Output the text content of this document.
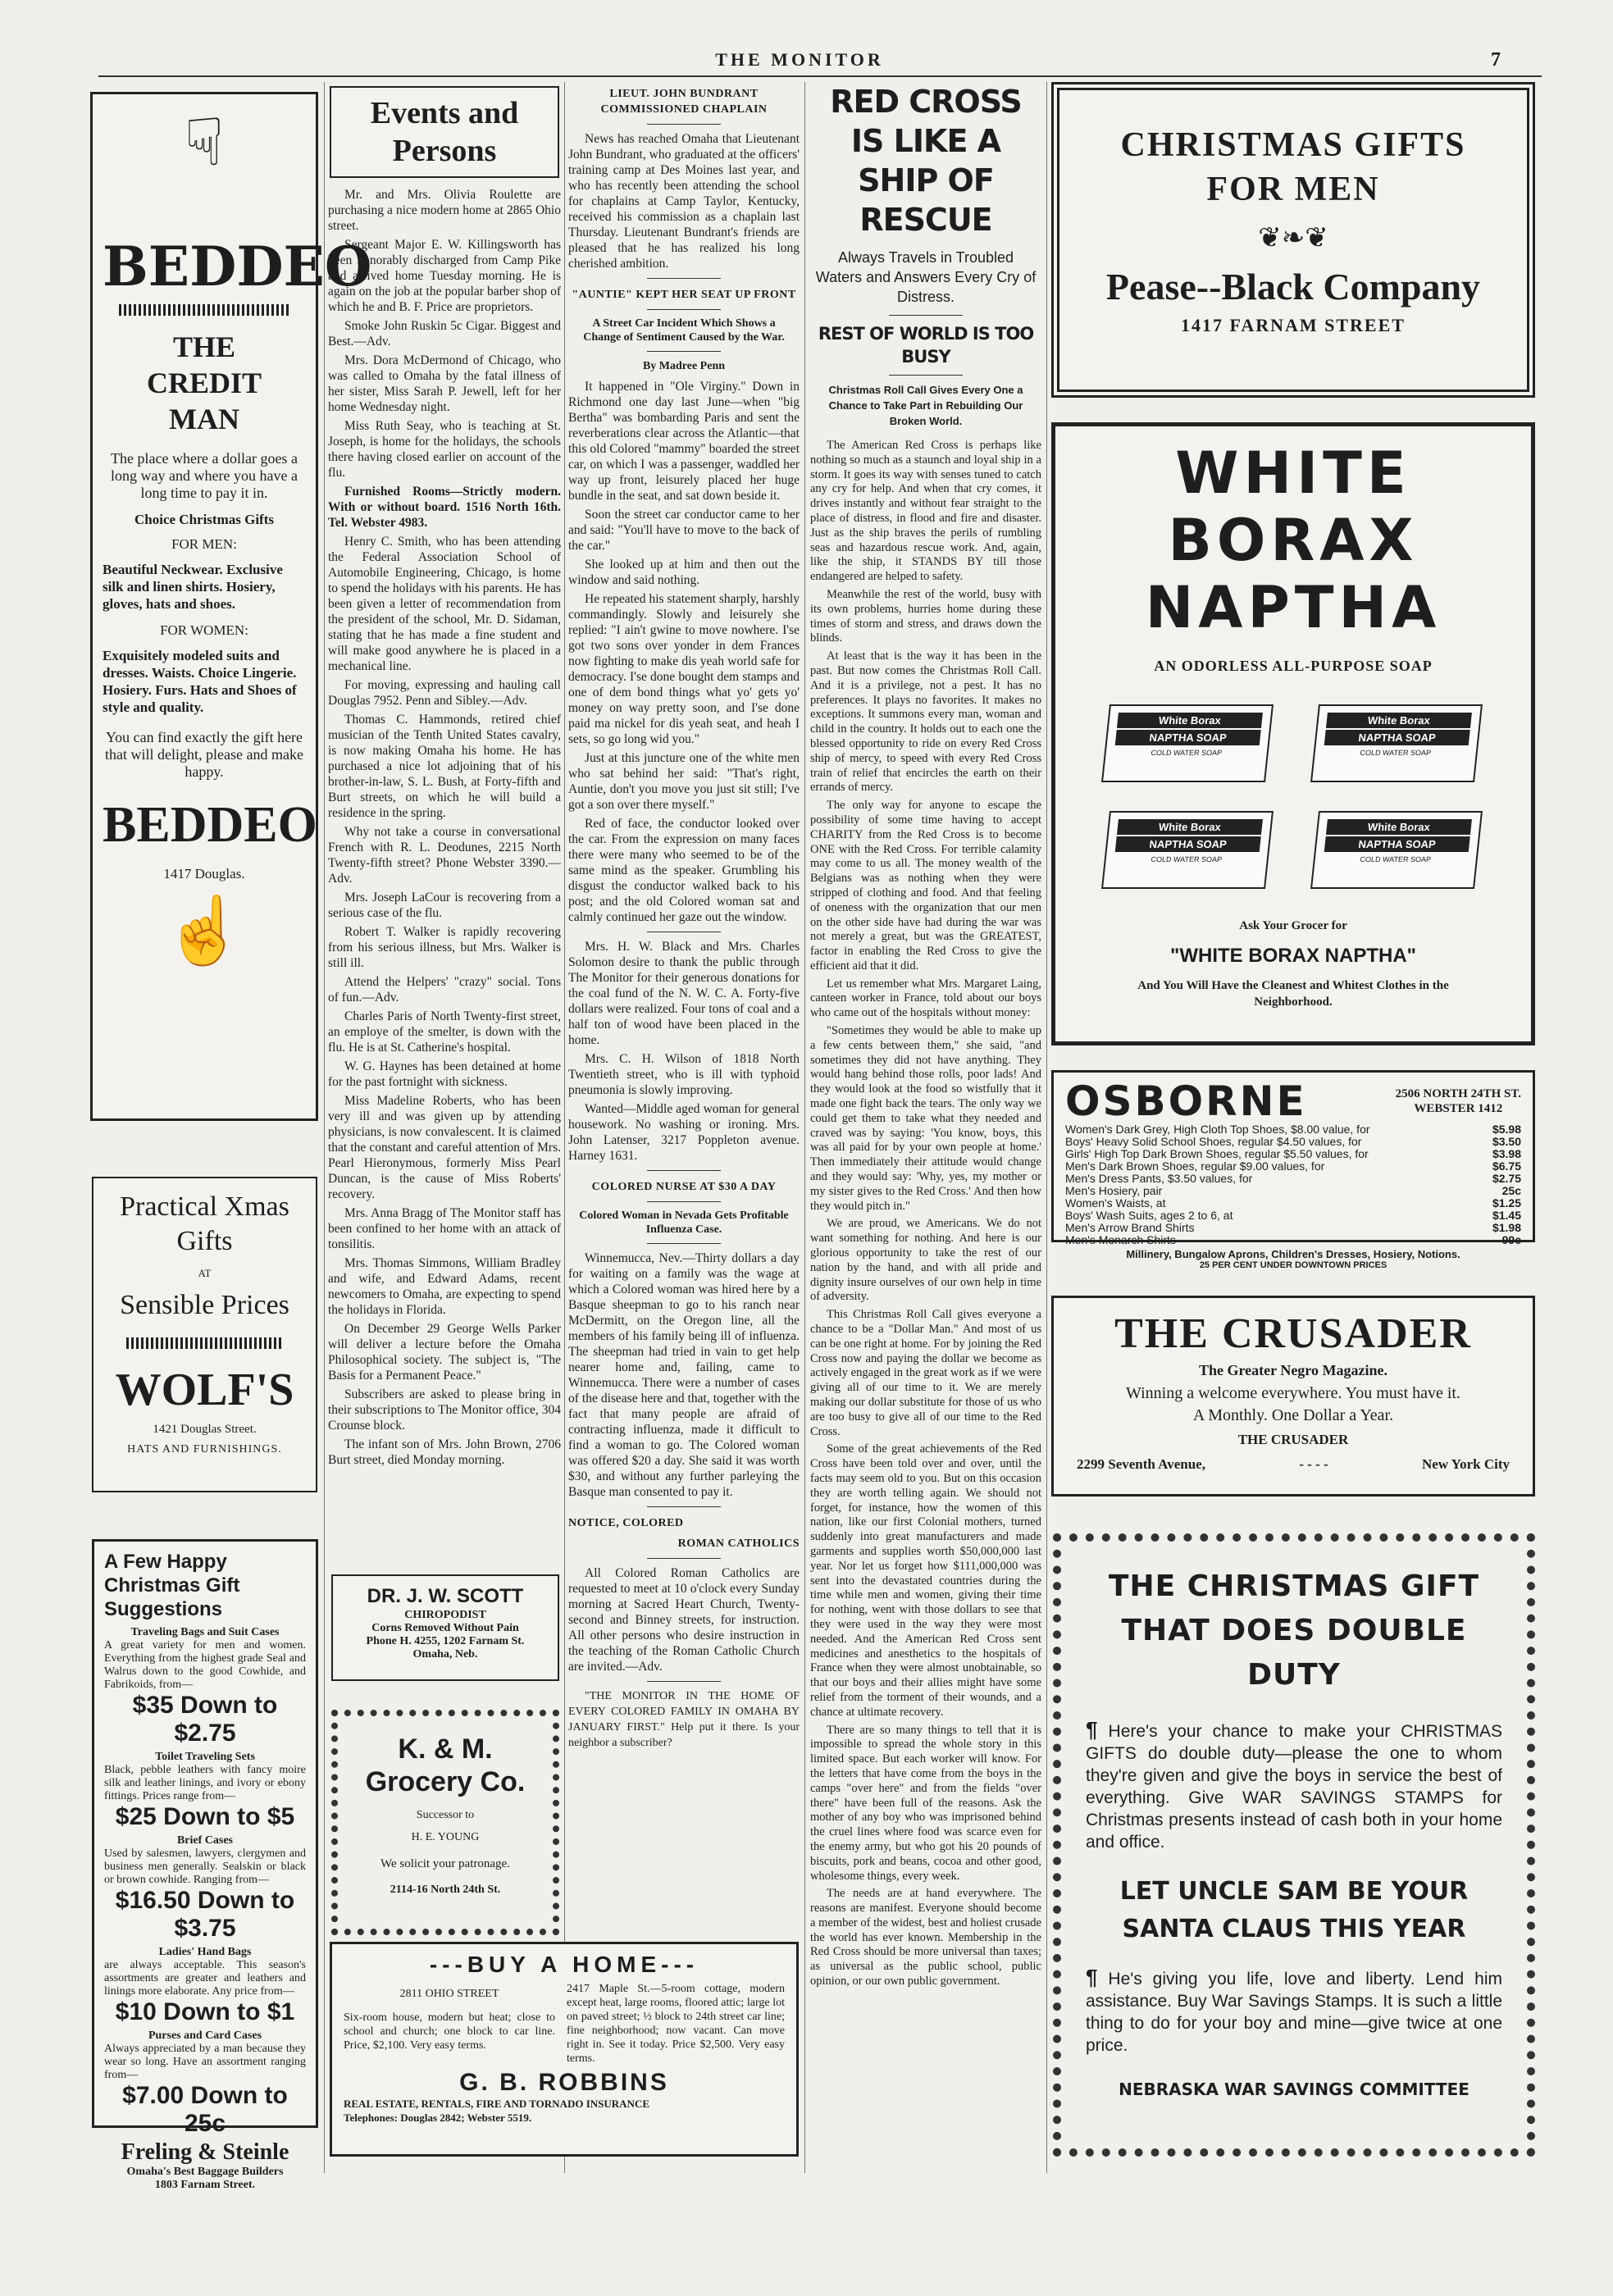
THE MONITOR	7
☟
BEDDEO
THE CREDIT MAN
The place where a dollar goes a long way and where you have a long time to pay it in.
Choice Christmas Gifts
FOR MEN:
Beautiful Neckwear. Exclusive silk and linen shirts. Hosiery, gloves, hats and shoes.
FOR WOMEN:
Exquisitely modeled suits and dresses. Waists. Choice Lingerie. Hosiery. Furs. Hats and Shoes of style and quality.
You can find exactly the gift here that will delight, please and make happy.
BEDDEO
1417 Douglas.
☝
Practical Xmas
Gifts
AT
Sensible Prices
WOLF'S
1421 Douglas Street.
HATS AND FURNISHINGS.
A Few Happy Christmas Gift Suggestions
Traveling Bags and Suit Cases
A great variety for men and women. Everything from the highest grade Seal and Walrus down to the good Cowhide, and Fabrikoids, from—
$35 Down to $2.75
Toilet Traveling Sets
Black, pebble leathers with fancy moire silk and leather linings, and ivory or ebony fittings. Prices range from—
$25 Down to $5
Brief Cases
Used by salesmen, lawyers, clergymen and business men generally. Sealskin or black or brown cowhide. Ranging from—
$16.50 Down to $3.75
Ladies' Hand Bags
are always acceptable. This season's assortments are greater and leathers and linings more elaborate. Any price from—
$10 Down to $1
Purses and Card Cases
Always appreciated by a man because they wear so long. Have an assortment ranging from—
$7.00 Down to 25c
Freling & Steinle
Omaha's Best Baggage Builders
1803 Farnam Street.
Events and Persons

Mr. and Mrs. Olivia Roulette are purchasing a nice modern home at 2865 Ohio street.

Sergeant Major E. W. Killingsworth has been honorably discharged from Camp Pike and arrived home Tuesday morning. He is again on the job at the popular barber shop of which he and B. F. Price are proprietors.

Smoke John Ruskin 5c Cigar. Biggest and Best.—Adv.

Mrs. Dora McDermond of Chicago, who was called to Omaha by the fatal illness of her sister, Miss Sarah P. Jewell, left for her home Wednesday night.

Miss Ruth Seay, who is teaching at St. Joseph, is home for the holidays, the schools there having closed earlier on account of the flu.

Furnished Rooms—Strictly modern. With or without board. 1516 North 16th. Tel. Webster 4983.

Henry C. Smith, who has been attending the Federal Association School of Automobile Engineering, Chicago, is home to spend the holidays with his parents. He has been given a letter of recommendation from the president of the school, Mr. D. Sidaman, stating that he has made a fine student and will make good anywhere he is placed in a mechanical line.

For moving, expressing and hauling call Douglas 7952. Penn and Sibley.—Adv.

Thomas C. Hammonds, retired chief musician of the Tenth United States cavalry, is now making Omaha his home. He has purchased a nice lot adjoining that of his brother-in-law, S. L. Bush, at Forty-fifth and Burt streets, on which he will build a residence in the spring.

Why not take a course in conversational French with R. L. Deodunes, 2215 North Twenty-fifth street? Phone Webster 3390.—Adv.

Mrs. Joseph LaCour is recovering from a serious case of the flu.

Robert T. Walker is rapidly recovering from his serious illness, but Mrs. Walker is still ill.

Attend the Helpers' "crazy" social. Tons of fun.—Adv.

Charles Paris of North Twenty-first street, an employe of the smelter, is down with the flu. He is at St. Catherine's hospital.

W. G. Haynes has been detained at home for the past fortnight with sickness.

Miss Madeline Roberts, who has been very ill and was given up by attending physicians, is now convalescent. It is claimed that the constant and careful attention of Mrs. Pearl Hieronymous, formerly Miss Pearl Duncan, is the cause of Miss Roberts' recovery.

Mrs. Anna Bragg of The Monitor staff has been confined to her home with an attack of tonsilitis.

Mrs. Thomas Simmons, William Bradley and wife, and Edward Adams, recent newcomers to Omaha, are expecting to spend the holidays in Florida.

On December 29 George Wells Parker will deliver a lecture before the Omaha Philosophical society. The subject is, "The Basis for a Permanent Peace."

Subscribers are asked to please bring in their subscriptions to The Monitor office, 304 Crounse block.

The infant son of Mrs. John Brown, 2706 Burt street, died Monday morning.

DR. J. W. SCOTT
CHIROPODIST
Corns Removed Without Pain
Phone H. 4255, 1202 Farnam St.
Omaha, Neb.
K. & M.
Grocery Co.
Successor to
H. E. YOUNG
We solicit your patronage.
2114-16 North 24th St.
---BUY A HOME---
2811 OHIO STREET
Six-room house, modern but heat; close to school and church; one block to car line. Price, $2,100. Very easy terms.
2417 Maple St.—5-room cottage, modern except heat, large rooms, floored attic; large lot on paved street; ½ block to 24th street car line; fine neighborhood; now vacant. Can move right in. See it today. Price $2,500. Very easy terms.
G. B. ROBBINS
REAL ESTATE, RENTALS, FIRE AND TORNADO INSURANCE
Telephones: Douglas 2842; Webster 5519.
LIEUT. JOHN BUNDRANT COMMISSIONED CHAPLAIN

News has reached Omaha that Lieutenant John Bundrant, who graduated at the officers' training camp at Des Moines last year, and who has recently been attending the school for chaplains at Camp Taylor, Kentucky, received his commission as a chaplain last Thursday. Lieutenant Bundrant's friends are pleased that he has realized his long cherished ambition.

"AUNTIE" KEPT HER SEAT UP FRONT
A Street Car Incident Which Shows a Change of Sentiment Caused by the War.
By Madree Penn

It happened in "Ole Virginy." Down in Richmond one day last June—when "big Bertha" was bombarding Paris and sent the reverberations clear across the Atlantic—that this old Colored "mammy" boarded the street car, on which I was a passenger, waddled her way up front, leisurely placed her huge bundle in the seat, and sat down beside it.

Soon the street car conductor came to her and said: "You'll have to move to the back of the car."

She looked up at him and then out the window and said nothing.

He repeated his statement sharply, harshly commandingly. Slowly and leisurely she replied: "I ain't gwine to move nowhere. I'se got two sons over yonder in dem Frances now fighting to make dis yeah world safe for democracy. I'se done bought dem stamps and one of dem bond things what yo' gets yo' money on way pretty soon, and I'se done paid ma nickel for dis yeah seat, and heah I sets, so go long wid you."

Just at this juncture one of the white men who sat behind her said: "That's right, Auntie, don't you move you just sit still; I've got a son over there myself."

Red of face, the conductor looked over the car. From the expression on many faces there were many who seemed to be of the same mind as the speaker. Grumbling his disgust the conductor walked back to his post; and the old Colored woman sat and calmly continued her gaze out the window.

Mrs. H. W. Black and Mrs. Charles Solomon desire to thank the public through The Monitor for their generous donations for the coal fund of the N. W. C. A. Forty-five dollars were realized. Four tons of coal and a half ton of wood have been placed in the home.

Mrs. C. H. Wilson of 1818 North Twentieth street, who is ill with typhoid pneumonia is slowly improving.

Wanted—Middle aged woman for general housework. No washing or ironing. Mrs. John Latenser, 3217 Poppleton avenue. Harney 1631.

COLORED NURSE AT $30 A DAY
Colored Woman in Nevada Gets Profitable Influenza Case.

Winnemucca, Nev.—Thirty dollars a day for waiting on a family was the wage at which a Colored woman was hired here by a Basque sheepman to go to his ranch near McDermitt, on the Oregon line, all the members of his family being ill of influenza. The sheepman had tried in vain to get help nearer home and, failing, came to Winnemucca. There were a number of cases of the disease here and that, together with the fact that many people are afraid of contracting influenza, made it difficult to find a woman to go. The Colored woman was offered $20 a day. She said it was worth $30, and without any further parleying the Basque man consented to pay it.

NOTICE, COLORED
ROMAN CATHOLICS

All Colored Roman Catholics are requested to meet at 10 o'clock every Sunday morning at Sacred Heart Church, Twenty-second and Binney streets, for instruction. All other persons who desire instruction in the teaching of the Roman Catholic Church are invited.—Adv.

"THE MONITOR IN THE HOME OF EVERY COLORED FAMILY IN OMAHA BY JANUARY FIRST." Help put it there. Is your neighbor a subscriber?

RED CROSS IS LIKE A SHIP OF RESCUE
Always Travels in Troubled Waters and Answers Every Cry of Distress.
REST OF WORLD IS TOO BUSY
Christmas Roll Call Gives Every One a Chance to Take Part in Rebuilding Our Broken World.

The American Red Cross is perhaps like nothing so much as a staunch and loyal ship in a storm. It goes its way with senses tuned to catch any cry for help. And when that cry comes, it drives instantly and without fear straight to the place of distress, in flood and fire and disaster. Just as the ship braves the perils of rumbling seas and hazardous rescue work. And, again, like the ship, it STANDS BY till those endangered are helped to safety.

Meanwhile the rest of the world, busy with its own problems, hurries home during these times of storm and stress, and draws down the blinds.

At least that is the way it has been in the past. But now comes the Christmas Roll Call. And it is a privilege, not a pest. It has no preferences. It plays no favorites. It makes no exceptions. It summons every man, woman and child in the country. It holds out to each one the blessed opportunity to ride on every Red Cross ship of mercy, to speed with every Red Cross train of relief that encircles the earth on their errands of mercy.

The only way for anyone to escape the possibility of some time having to accept CHARITY from the Red Cross is to become ONE with the Red Cross. For terrible calamity may come to us all. The money wealth of the Belgians was as nothing when they were stripped of clothing and food. And that feeling of oneness with the organization that our men on the other side have had during the war was not merely a great, but was the GREATEST, factor in enabling the Red Cross to give the efficient aid that it did.

Let us remember what Mrs. Margaret Laing, canteen worker in France, told about our boys who came out of the hospitals without money:

"Sometimes they would be able to make up a few cents between them," she said, "and sometimes they did not have anything. They would hang behind those rolls, poor lads! And they would look at the food so wistfully that it made one fight back the tears. The only way we could get them to take what they needed and craved was by saying: 'You know, boys, this was all paid for by your own people at home.' Then immediately their attitude would change and they would say: 'Why, yes, my mother or my sister gives to the Red Cross.' And then how they would pitch in."

We are proud, we Americans. We do not want something for nothing. And here is our glorious opportunity to take the rest of our nation by the hand, and with all pride and dignity insure ourselves of our own help in time of adversity.

This Christmas Roll Call gives everyone a chance to be a "Dollar Man." And most of us can be one right at home. For by joining the Red Cross now and paying the dollar we become as actively engaged in the great work as if we were giving all of our time to it. We are merely making our dollar substitute for those of us who are too busy to give all of our time to the Red Cross.

Some of the great achievements of the Red Cross have been told over and over, until the facts may seem old to you. But on this occasion they are worth telling again. We should not forget, for instance, how the women of this nation, like our first Colonial mothers, turned suddenly into great manufacturers and made garments and supplies worth $50,000,000 last year. Nor let us forget how $111,000,000 was sent into the devastated countries during the time while men and women, giving their time for nothing, went with those dollars to see that they were used in the way they were most needed. And the American Red Cross sent medicines and anesthetics to the hospitals of France when they were almost unobtainable, so that our boys and their allies might have some relief from the torment of their wounds, and a chance at ultimate recovery.

There are so many things to tell that it is impossible to spread the whole story in this limited space. But each worker will know. For the letters that have come from the boys in the camps "over here" and from the fields "over there" have been full of the reasons. Ask the mother of any boy who was imprisoned behind the cruel lines where food was scarce even for the enemy army, but who got his 20 pounds of biscuits, pork and beans, cocoa and other good, wholesome things, every week.

The needs are at hand everywhere. The reasons are manifest. Everyone should become a member of the widest, best and holiest crusade the world has ever known. Membership in the Red Cross should be more universal than taxes; as universal as the public school, public opinion, or our own public government.

CHRISTMAS GIFTS
FOR MEN
❦❧❦
Pease--Black Company
1417 FARNAM STREET
WHITE
BORAX
NAPTHA
AN ODORLESS ALL-PURPOSE SOAP
White Borax
NAPTHA SOAP
COLD WATER SOAP
White Borax
NAPTHA SOAP
COLD WATER SOAP
White Borax
NAPTHA SOAP
COLD WATER SOAP
White Borax
NAPTHA SOAP
COLD WATER SOAP
Ask Your Grocer for
"WHITE BORAX NAPTHA"
And You Will Have the Cleanest and Whitest Clothes in the Neighborhood.
OSBORNE	2506 NORTH 24TH ST.
WEBSTER 1412
Women's Dark Grey, High Cloth Top Shoes, $8.00 value, for	$5.98
Boys' Heavy Solid School Shoes, regular $4.50 values, for	$3.50
Girls' High Top Dark Brown Shoes, regular $5.50 values, for	$3.98
Men's Dark Brown Shoes, regular $9.00 values, for	$6.75
Men's Dress Pants, $3.50 values, for	$2.75
Men's Hosiery, pair	25c
Women's Waists, at	$1.25
Boys' Wash Suits, ages 2 to 6, at	$1.45
Men's Arrow Brand Shirts	$1.98
Men's Monarch Shirts	99c
Millinery, Bungalow Aprons, Children's Dresses, Hosiery, Notions.
25 PER CENT UNDER DOWNTOWN PRICES
THE CRUSADER
The Greater Negro Magazine.
Winning a welcome everywhere. You must have it.
A Monthly. One Dollar a Year.
THE CRUSADER
2299 Seventh Avenue,	- - - -	New York City
THE CHRISTMAS GIFT THAT DOES DOUBLE DUTY
¶ Here's your chance to make your CHRISTMAS GIFTS do double duty—please the one to whom they're given and give the boys in service the best of everything. Give WAR SAVINGS STAMPS for Christmas presents instead of cash both in your home and office.
LET UNCLE SAM BE YOUR SANTA CLAUS THIS YEAR
¶ He's giving you life, love and liberty. Lend him assistance. Buy War Savings Stamps. It is such a little thing to do for your boy and mine—give twice at one price.
NEBRASKA WAR SAVINGS COMMITTEE
